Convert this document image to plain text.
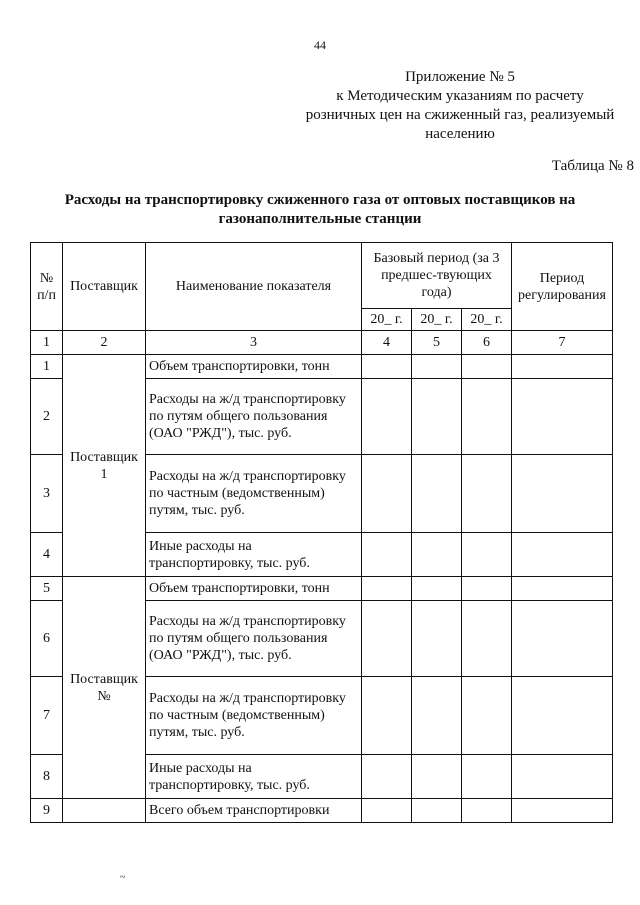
44
Приложение № 5
к Методическим указаниям по расчету
розничных цен на сжиженный газ, реализуемый
населению
Таблица № 8
Расходы на транспортировку сжиженного газа от оптовых поставщиков на
газонаполнительные станции
№ п/п	Поставщик	Наименование показателя	Базовый период (за 3 предшес-твующих года)			Период регулирования
			20_ г.	20_ г.	20_ г.	
1	2	3	4	5	6	7
1	Поставщик 1	Объем транспортировки, тонн				
2		Расходы на ж/д транспортировку по путям общего пользования (ОАО "РЖД"), тыс. руб.				
3		Расходы на ж/д транспортировку по частным (ведомственным) путям, тыс. руб.				
4		Иные расходы на транспортировку, тыс. руб.				
5	Поставщик №	Объем транспортировки, тонн				
6		Расходы на ж/д транспортировку по путям общего пользования (ОАО "РЖД"), тыс. руб.				
7		Расходы на ж/д транспортировку по частным (ведомственным) путям, тыс. руб.				
8		Иные расходы на транспортировку, тыс. руб.				
9		Всего объем транспортировки				
~
